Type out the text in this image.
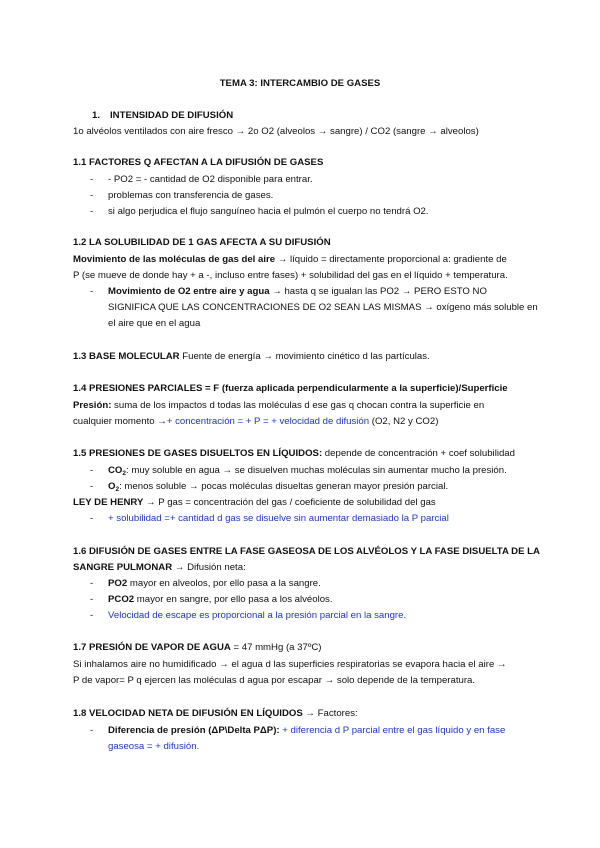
TEMA 3: INTERCAMBIO DE GASES
1. INTENSIDAD DE DIFUSIÓN
1o alvéolos ventilados con aire fresco → 2o O2 (alveolos → sangre) / CO2 (sangre → alveolos)
1.1 FACTORES Q AFECTAN A LA DIFUSIÓN DE GASES
- - PO2 = - cantidad de O2 disponible para entrar.
- problemas con transferencia de gases.
- si algo perjudica el flujo sanguíneo hacia el pulmón el cuerpo no tendrá O2.
1.2 LA SOLUBILIDAD DE 1 GAS AFECTA A SU DIFUSIÓN
Movimiento de las moléculas de gas del aire → líquido = directamente proporcional a: gradiente de
P (se mueve de donde hay + a -, incluso entre fases) + solubilidad del gas en el líquido + temperatura.
- Movimiento de O2 entre aire y agua → hasta q se igualan las PO2 → PERO ESTO NO
SIGNIFICA QUE LAS CONCENTRACIONES DE O2 SEAN LAS MISMAS → oxígeno más soluble en
el aire que en el agua
1.3 BASE MOLECULAR Fuente de energía → movimiento cinético d las partículas.
1.4 PRESIONES PARCIALES = F (fuerza aplicada perpendicularmente a la superficie)/Superficie
Presión: suma de los impactos d todas las moléculas d ese gas q chocan contra la superficie en
cualquier momento →+ concentración = + P = + velocidad de difusión (O2, N2 y CO2)
1.5 PRESIONES DE GASES DISUELTOS EN LÍQUIDOS: depende de concentración + coef solubilidad
- $CO_2$: muy soluble en agua → se disuelven muchas moléculas sin aumentar mucho la presión.
- $O_2$: menos soluble → pocas moléculas disueltas generan mayor presión parcial.
LEY DE HENRY → P gas = concentración del gas / coeficiente de solubilidad del gas
- + solubilidad =+ cantidad d gas se disuelve sin aumentar demasiado la P parcial
1.6 DIFUSIÓN DE GASES ENTRE LA FASE GASEOSA DE LOS ALVÉOLOS Y LA FASE DISUELTA DE LA
SANGRE PULMONAR → Difusión neta:
- PO2 mayor en alveolos, por ello pasa a la sangre.
- PCO2 mayor en sangre, por ello pasa a los alvéolos.
- Velocidad de escape es proporcional a la presión parcial en la sangre.
1.7 PRESIÓN DE VAPOR DE AGUA = 47 mmHg (a 37ºC)
Si inhalamos aire no humidificado → el agua d las superficies respiratorias se evapora hacia el aire →
P de vapor= P q ejercen las moléculas d agua por escapar → solo depende de la temperatura.
1.8 VELOCIDAD NETA DE DIFUSIÓN EN LÍQUIDOS → Factores:
- Diferencia de presión (ΔP\Delta PΔP): + diferencia d P parcial entre el gas líquido y en fase
gaseosa = + difusión.
